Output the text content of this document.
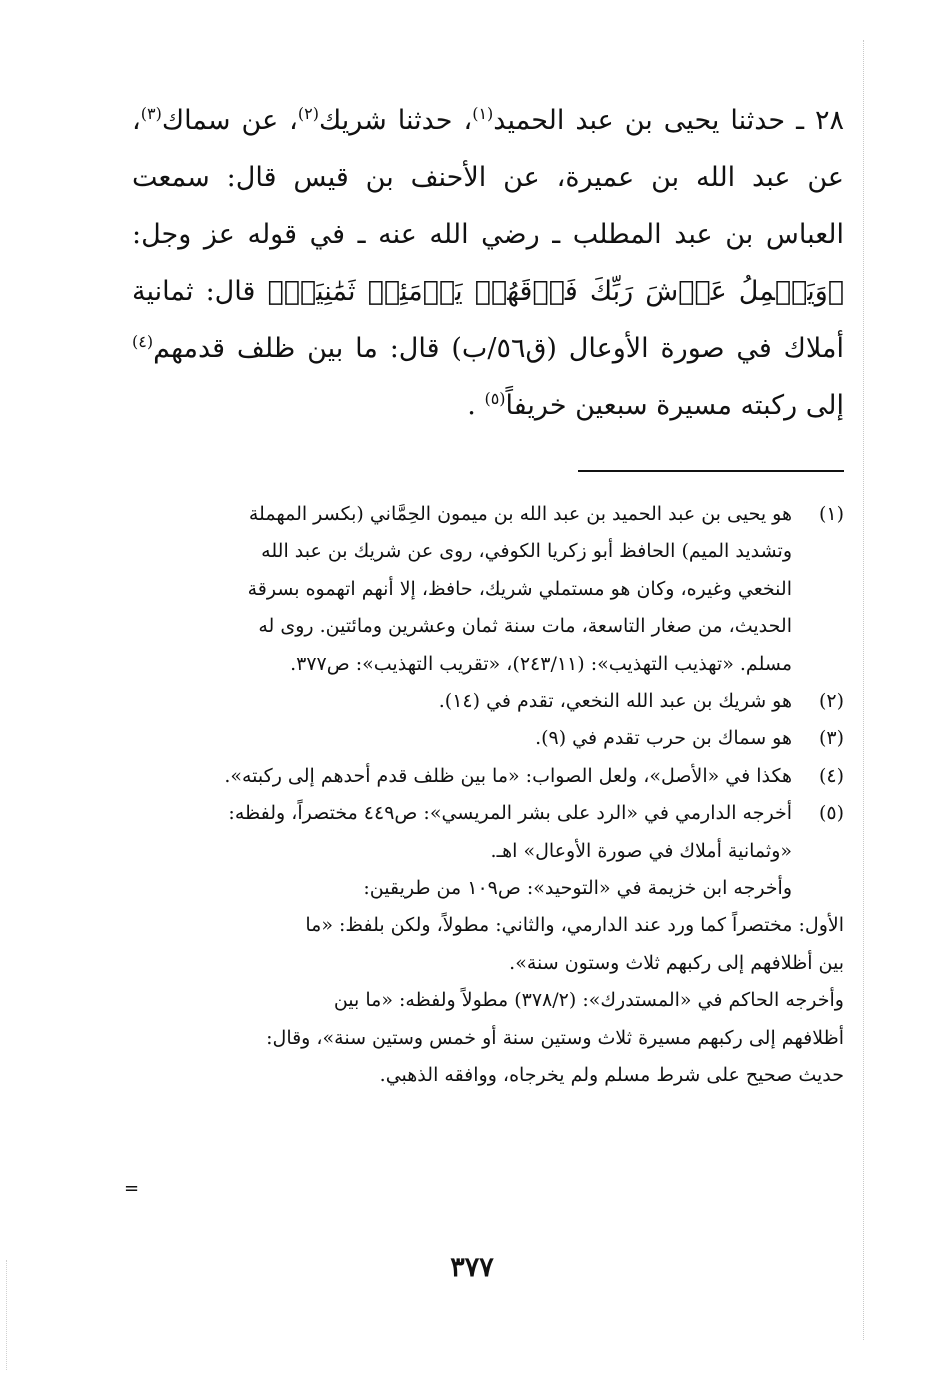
٢٨ ـ حدثنا يحيى بن عبد الحميد$^{(١)}$، حدثنا شريك$^{(٢)}$، عن سماك$^{(٣)}$، عن عبد الله بن عميرة، عن الأحنف بن قيس قال: سمعت العباس بن عبد المطلب ـ رضي الله عنه ـ في قوله عز وجل: ﴿وَيَحۡمِلُ عَرۡشَ رَبِّكَ فَوۡقَهُمۡ يَوۡمَئِذٖ ثَمَٰنِيَةٞ﴾ قال: ثمانية أملاك في صورة الأوعال (ق٥٦/ب) قال: ما بين ظلف قدمهم$^{(٤)}$ إلى ركبته مسيرة سبعين خريفاً$^{(٥)}$ .

(١)
هو يحيى بن عبد الحميد بن عبد الله بن ميمون الحِمَّاني (بكسر المهملة
وتشديد الميم) الحافظ أبو زكريا الكوفي، روى عن شريك بن عبد الله
النخعي وغيره، وكان هو مستملي شريك، حافظ، إلا أنهم اتهموه بسرقة
الحديث، من صغار التاسعة، مات سنة ثمان وعشرين ومائتين. روى له
مسلم. «تهذيب التهذيب»: (٢٤٣/١١)، «تقريب التهذيب»: ص٣٧٧.
(٢)
هو شريك بن عبد الله النخعي، تقدم في (١٤).
(٣)
هو سماك بن حرب تقدم في (٩).
(٤)
هكذا في «الأصل»، ولعل الصواب: «ما بين ظلف قدم أحدهم إلى ركبته».
(٥)
أخرجه الدارمي في «الرد على بشر المريسي»: ص٤٤٩ مختصراً، ولفظه:
«وثمانية أملاك في صورة الأوعال» اهـ.
وأخرجه ابن خزيمة في «التوحيد»: ص١٠٩ من طريقين:
الأول: مختصراً كما ورد عند الدارمي، والثاني: مطولاً، ولكن بلفظ: «ما
بين أظلافهم إلى ركبهم ثلاث وستون سنة».
وأخرجه الحاكم في «المستدرك»: (٣٧٨/٢) مطولاً ولفظه: «ما بين
أظلافهم إلى ركبهم مسيرة ثلاث وستين سنة أو خمس وستين سنة»، وقال:
حديث صحيح على شرط مسلم ولم يخرجاه، ووافقه الذهبي.
=
٣٧٧
